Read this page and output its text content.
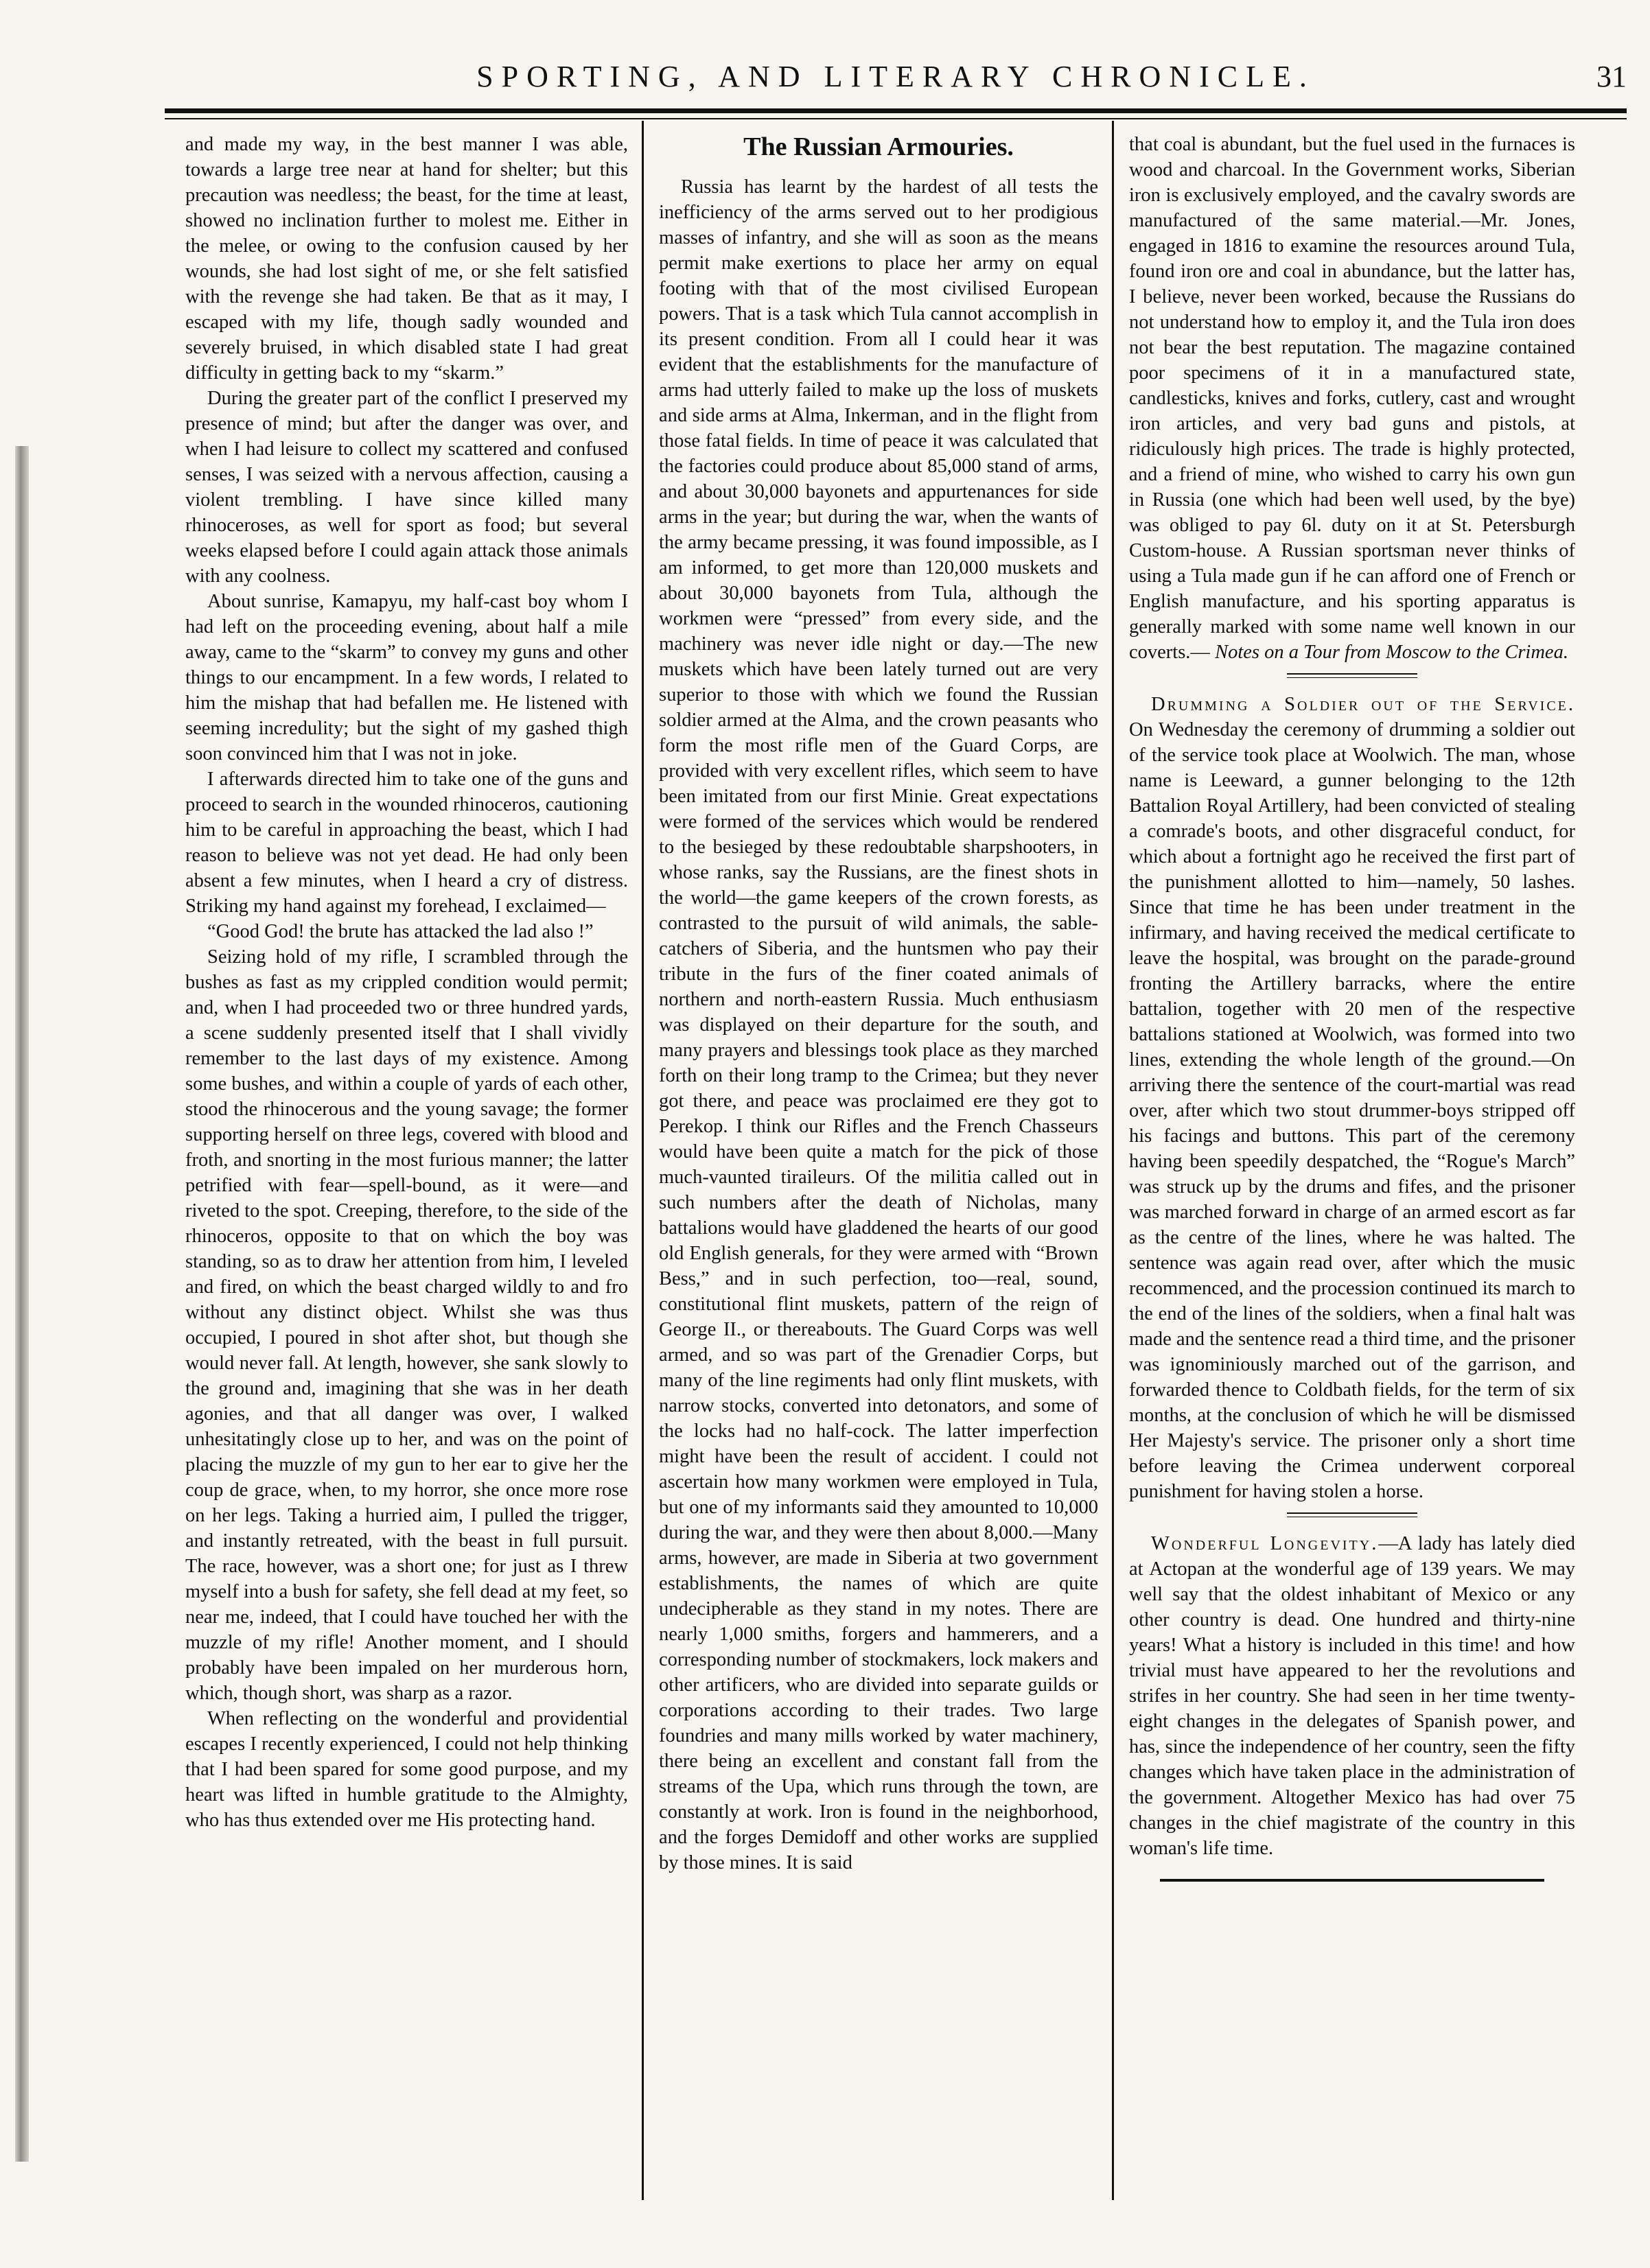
SPORTING, AND LITERARY CHRONICLE.	31

and made my way, in the best manner I was able, towards a large tree near at hand for shelter; but this precaution was needless; the beast, for the time at least, showed no inclination further to molest me. Either in the melee, or owing to the confusion caused by her wounds, she had lost sight of me, or she felt satisfied with the revenge she had taken. Be that as it may, I escaped with my life, though sadly wounded and severely bruised, in which disabled state I had great difficulty in getting back to my “skarm.”

During the greater part of the conflict I preserved my presence of mind; but after the danger was over, and when I had leisure to collect my scattered and confused senses, I was seized with a nervous affection, causing a violent trembling. I have since killed many rhinoceroses, as well for sport as food; but several weeks elapsed before I could again attack those animals with any coolness.

About sunrise, Kamapyu, my half-cast boy whom I had left on the proceeding evening, about half a mile away, came to the “skarm” to convey my guns and other things to our encampment. In a few words, I related to him the mishap that had befallen me. He listened with seeming incredulity; but the sight of my gashed thigh soon convinced him that I was not in joke.

I afterwards directed him to take one of the guns and proceed to search in the wounded rhinoceros, cautioning him to be careful in approaching the beast, which I had reason to believe was not yet dead. He had only been absent a few minutes, when I heard a cry of distress. Striking my hand against my forehead, I exclaimed—

“Good God! the brute has attacked the lad also !”

Seizing hold of my rifle, I scrambled through the bushes as fast as my crippled condition would permit; and, when I had proceeded two or three hundred yards, a scene suddenly presented itself that I shall vividly remember to the last days of my existence. Among some bushes, and within a couple of yards of each other, stood the rhinocerous and the young savage; the former supporting herself on three legs, covered with blood and froth, and snorting in the most furious manner; the latter petrified with fear—spell-bound, as it were—and riveted to the spot. Creeping, therefore, to the side of the rhinoceros, opposite to that on which the boy was standing, so as to draw her attention from him, I leveled and fired, on which the beast charged wildly to and fro without any distinct object. Whilst she was thus occupied, I poured in shot after shot, but though she would never fall. At length, however, she sank slowly to the ground and, imagining that she was in her death agonies, and that all danger was over, I walked unhesitatingly close up to her, and was on the point of placing the muzzle of my gun to her ear to give her the coup de grace, when, to my horror, she once more rose on her legs. Taking a hurried aim, I pulled the trigger, and instantly retreated, with the beast in full pursuit. The race, however, was a short one; for just as I threw myself into a bush for safety, she fell dead at my feet, so near me, indeed, that I could have touched her with the muzzle of my rifle! Another moment, and I should probably have been impaled on her murderous horn, which, though short, was sharp as a razor.

When reflecting on the wonderful and providential escapes I recently experienced, I could not help thinking that I had been spared for some good purpose, and my heart was lifted in humble gratitude to the Almighty, who has thus extended over me His protecting hand.

The Russian Armouries.

Russia has learnt by the hardest of all tests the inefficiency of the arms served out to her prodigious masses of infantry, and she will as soon as the means permit make exertions to place her army on equal footing with that of the most civilised European powers. That is a task which Tula cannot accomplish in its present condition. From all I could hear it was evident that the establishments for the manufacture of arms had utterly failed to make up the loss of muskets and side arms at Alma, Inkerman, and in the flight from those fatal fields. In time of peace it was calculated that the factories could produce about 85,000 stand of arms, and about 30,000 bayonets and appurtenances for side arms in the year; but during the war, when the wants of the army became pressing, it was found impossible, as I am informed, to get more than 120,000 muskets and about 30,000 bayonets from Tula, although the workmen were “pressed” from every side, and the machinery was never idle night or day.—The new muskets which have been lately turned out are very superior to those with which we found the Russian soldier armed at the Alma, and the crown peasants who form the most rifle men of the Guard Corps, are provided with very excellent rifles, which seem to have been imitated from our first Minie. Great expectations were formed of the services which would be rendered to the besieged by these redoubtable sharpshooters, in whose ranks, say the Russians, are the finest shots in the world—the game keepers of the crown forests, as contrasted to the pursuit of wild animals, the sable-catchers of Siberia, and the huntsmen who pay their tribute in the furs of the finer coated animals of northern and north-eastern Russia. Much enthusiasm was displayed on their departure for the south, and many prayers and blessings took place as they marched forth on their long tramp to the Crimea; but they never got there, and peace was proclaimed ere they got to Perekop. I think our Rifles and the French Chasseurs would have been quite a match for the pick of those much-vaunted tiraileurs. Of the militia called out in such numbers after the death of Nicholas, many battalions would have gladdened the hearts of our good old English generals, for they were armed with “Brown Bess,” and in such perfection, too—real, sound, constitutional flint muskets, pattern of the reign of George II., or thereabouts. The Guard Corps was well armed, and so was part of the Grenadier Corps, but many of the line regiments had only flint muskets, with narrow stocks, converted into detonators, and some of the locks had no half-cock. The latter imperfection might have been the result of accident. I could not ascertain how many workmen were employed in Tula, but one of my informants said they amounted to 10,000 during the war, and they were then about 8,000.—Many arms, however, are made in Siberia at two government establishments, the names of which are quite undecipherable as they stand in my notes. There are nearly 1,000 smiths, forgers and hammerers, and a corresponding number of stockmakers, lock makers and other artificers, who are divided into separate guilds or corporations according to their trades. Two large foundries and many mills worked by water machinery, there being an excellent and constant fall from the streams of the Upa, which runs through the town, are constantly at work. Iron is found in the neighborhood, and the forges Demidoff and other works are supplied by those mines. It is said

that coal is abundant, but the fuel used in the furnaces is wood and charcoal. In the Government works, Siberian iron is exclusively employed, and the cavalry swords are manufactured of the same material.—Mr. Jones, engaged in 1816 to examine the resources around Tula, found iron ore and coal in abundance, but the latter has, I believe, never been worked, because the Russians do not understand how to employ it, and the Tula iron does not bear the best reputation. The magazine contained poor specimens of it in a manufactured state, candlesticks, knives and forks, cutlery, cast and wrought iron articles, and very bad guns and pistols, at ridiculously high prices. The trade is highly protected, and a friend of mine, who wished to carry his own gun in Russia (one which had been well used, by the bye) was obliged to pay 6l. duty on it at St. Petersburgh Custom-house. A Russian sportsman never thinks of using a Tula made gun if he can afford one of French or English manufacture, and his sporting apparatus is generally marked with some name well known in our coverts.— Notes on a Tour from Moscow to the Crimea.

Drumming a Soldier out of the Service. On Wednesday the ceremony of drumming a soldier out of the service took place at Woolwich. The man, whose name is Leeward, a gunner belonging to the 12th Battalion Royal Artillery, had been convicted of stealing a comrade's boots, and other disgraceful conduct, for which about a fortnight ago he received the first part of the punishment allotted to him—namely, 50 lashes. Since that time he has been under treatment in the infirmary, and having received the medical certificate to leave the hospital, was brought on the parade-ground fronting the Artillery barracks, where the entire battalion, together with 20 men of the respective battalions stationed at Woolwich, was formed into two lines, extending the whole length of the ground.—On arriving there the sentence of the court-martial was read over, after which two stout drummer-boys stripped off his facings and buttons. This part of the ceremony having been speedily despatched, the “Rogue's March” was struck up by the drums and fifes, and the prisoner was marched forward in charge of an armed escort as far as the centre of the lines, where he was halted. The sentence was again read over, after which the music recommenced, and the procession continued its march to the end of the lines of the soldiers, when a final halt was made and the sentence read a third time, and the prisoner was ignominiously marched out of the garrison, and forwarded thence to Coldbath fields, for the term of six months, at the conclusion of which he will be dismissed Her Majesty's service. The prisoner only a short time before leaving the Crimea underwent corporeal punishment for having stolen a horse.

Wonderful Longevity.—A lady has lately died at Actopan at the wonderful age of 139 years. We may well say that the oldest inhabitant of Mexico or any other country is dead. One hundred and thirty-nine years! What a history is included in this time! and how trivial must have appeared to her the revolutions and strifes in her country. She had seen in her time twenty-eight changes in the delegates of Spanish power, and has, since the independence of her country, seen the fifty changes which have taken place in the administration of the government. Altogether Mexico has had over 75 changes in the chief magistrate of the country in this woman's life time.
